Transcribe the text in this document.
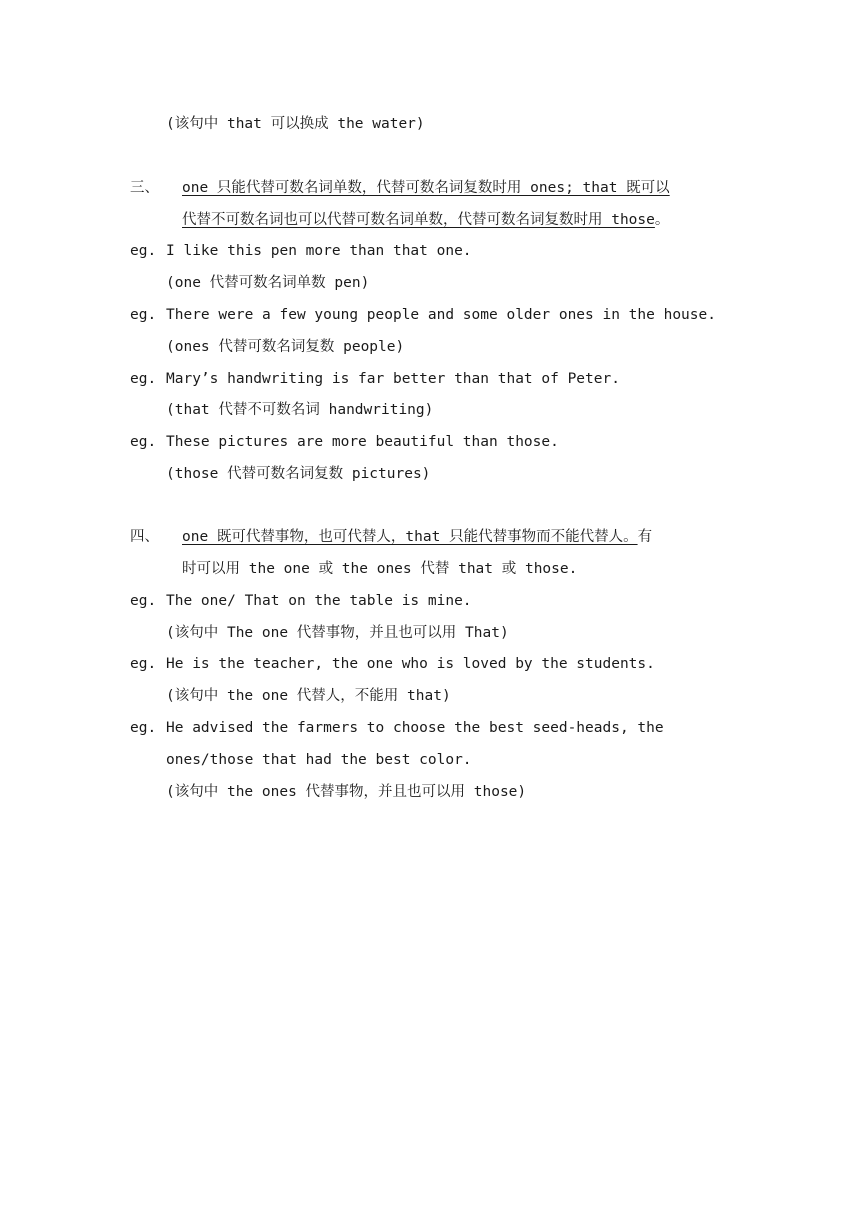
(该句中 that 可以换成 the water)
三、 one 只能代替可数名词单数，代替可数名词复数时用 ones; that 既可以
代替不可数名词也可以代替可数名词单数，代替可数名词复数时用 those。
eg. I like this pen more than that one.
(one 代替可数名词单数 pen)
eg. There were a few young people and some older ones in the house.
(ones 代替可数名词复数 people)
eg. Mary’s handwriting is far better than that of Peter.
(that 代替不可数名词 handwriting)
eg. These pictures are more beautiful than those.
(those 代替可数名词复数 pictures)
四、 one 既可代替事物，也可代替人，that 只能代替事物而不能代替人。有
时可以用 the one 或 the ones 代替 that 或 those.
eg. The one/ That on the table is mine.
(该句中 The one 代替事物，并且也可以用 That)
eg. He is the teacher, the one who is loved by the students.
(该句中 the one 代替人，不能用 that)
eg. He advised the farmers to choose the best seed-heads, the
ones/those that had the best color.
(该句中 the ones 代替事物，并且也可以用 those)
